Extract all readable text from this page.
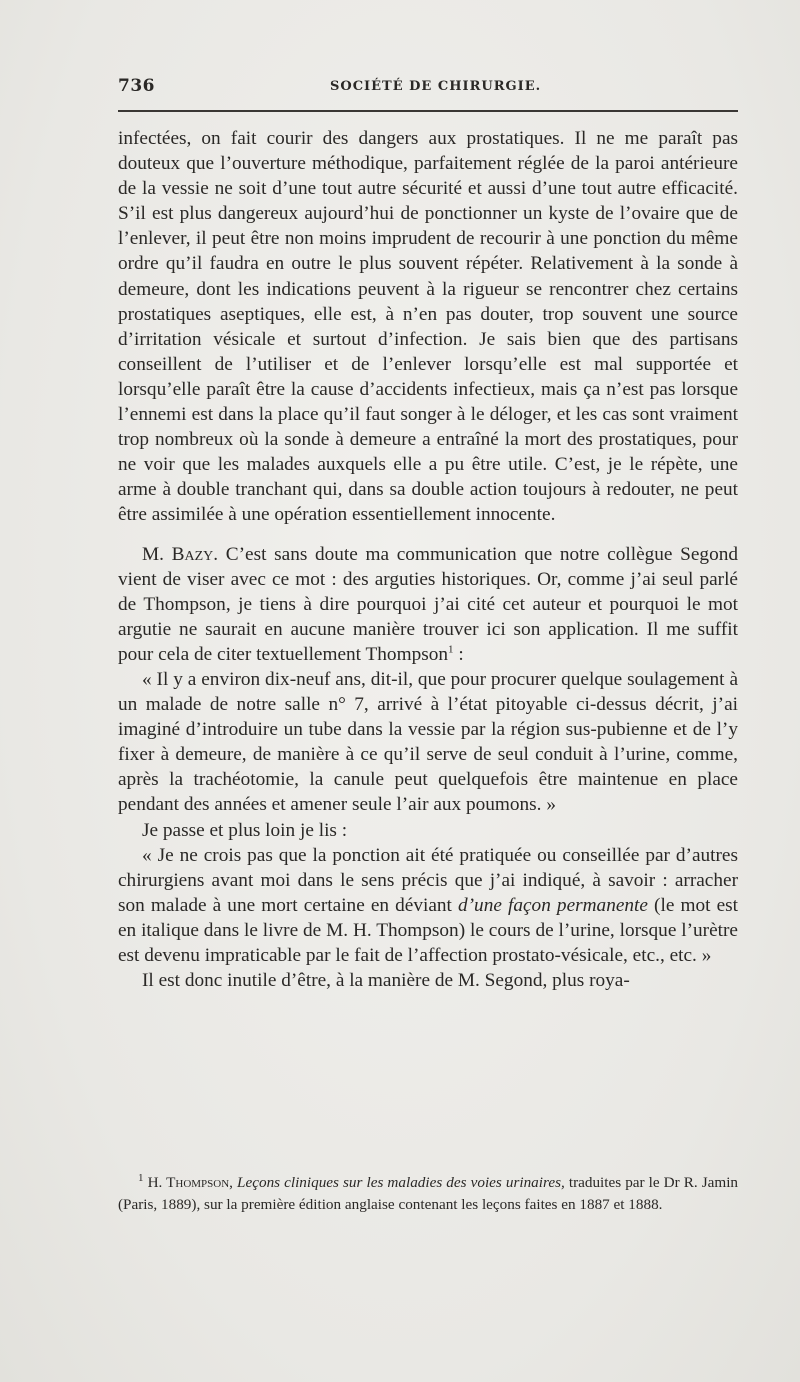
736	SOCIÉTÉ DE CHIRURGIE.

infectées, on fait courir des dangers aux prostatiques. Il ne me paraît pas douteux que l’ouverture méthodique, parfaitement réglée de la paroi antérieure de la vessie ne soit d’une tout autre sécurité et aussi d’une tout autre efficacité. S’il est plus dangereux aujourd’hui de ponctionner un kyste de l’ovaire que de l’enlever, il peut être non moins imprudent de recourir à une ponction du même ordre qu’il faudra en outre le plus souvent répéter. Relativement à la sonde à demeure, dont les indications peuvent à la rigueur se rencontrer chez certains prostatiques aseptiques, elle est, à n’en pas douter, trop souvent une source d’irritation vésicale et surtout d’infection. Je sais bien que des partisans conseillent de l’utiliser et de l’enlever lorsqu’elle est mal supportée et lorsqu’elle paraît être la cause d’accidents infectieux, mais ça n’est pas lorsque l’ennemi est dans la place qu’il faut songer à le déloger, et les cas sont vraiment trop nombreux où la sonde à demeure a entraîné la mort des prostatiques, pour ne voir que les malades auxquels elle a pu être utile. C’est, je le répète, une arme à double tranchant qui, dans sa double action toujours à redouter, ne peut être assimilée à une opération essentiellement innocente.

M. Bazy. C’est sans doute ma communication que notre collègue Segond vient de viser avec ce mot : des arguties historiques. Or, comme j’ai seul parlé de Thompson, je tiens à dire pourquoi j’ai cité cet auteur et pourquoi le mot argutie ne saurait en aucune manière trouver ici son application. Il me suffit pour cela de citer textuellement Thompson$^1$ :

« Il y a environ dix-neuf ans, dit-il, que pour procurer quelque soulagement à un malade de notre salle n° 7, arrivé à l’état pitoyable ci-dessus décrit, j’ai imaginé d’introduire un tube dans la vessie par la région sus-pubienne et de l’y fixer à demeure, de manière à ce qu’il serve de seul conduit à l’urine, comme, après la trachéotomie, la canule peut quelquefois être maintenue en place pendant des années et amener seule l’air aux poumons. »

Je passe et plus loin je lis :

« Je ne crois pas que la ponction ait été pratiquée ou conseillée par d’autres chirurgiens avant moi dans le sens précis que j’ai indiqué, à savoir : arracher son malade à une mort certaine en déviant d’une façon permanente (le mot est en italique dans le livre de M. H. Thompson) le cours de l’urine, lorsque l’urètre est devenu impraticable par le fait de l’affection prostato-vésicale, etc., etc. »

Il est donc inutile d’être, à la manière de M. Segond, plus roya-

$^1$ H. Thompson, Leçons cliniques sur les maladies des voies urinaires, traduites par le Dr R. Jamin (Paris, 1889), sur la première édition anglaise contenant les leçons faites en 1887 et 1888.
